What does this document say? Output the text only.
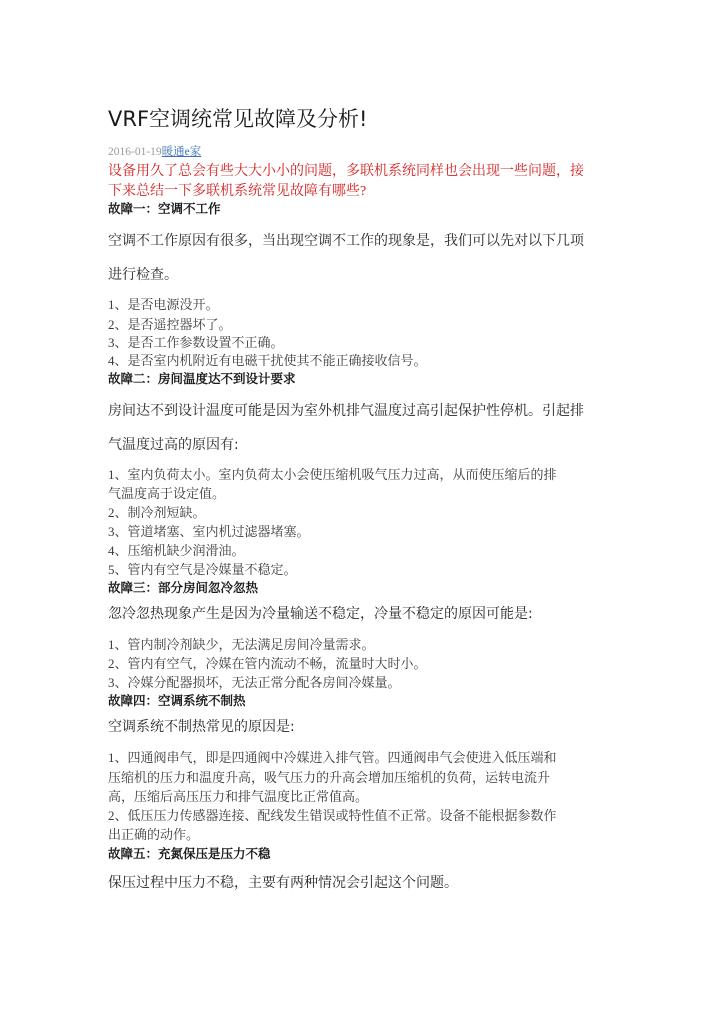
VRF空调统常见故障及分析!
2016-01-19暖通e家
设备用久了总会有些大大小小的问题，多联机系统同样也会出现一些问题，接
下来总结一下多联机系统常见故障有哪些?
故障一：空调不工作
空调不工作原因有很多，当出现空调不工作的现象是，我们可以先对以下几项
进行检查。
1、是否电源没开。
2、是否遥控器坏了。
3、是否工作参数设置不正确。
4、是否室内机附近有电磁干扰使其不能正确接收信号。
故障二：房间温度达不到设计要求
房间达不到设计温度可能是因为室外机排气温度过高引起保护性停机。引起排
气温度过高的原因有:
1、室内负荷太小。室内负荷太小会使压缩机吸气压力过高，从而使压缩后的排
气温度高于设定值。
2、制冷剂短缺。
3、管道堵塞、室内机过滤器堵塞。
4、压缩机缺少润滑油。
5、管内有空气是冷媒量不稳定。
故障三：部分房间忽冷忽热
忽冷忽热现象产生是因为冷量输送不稳定，冷量不稳定的原因可能是:
1、管内制冷剂缺少，无法满足房间冷量需求。
2、管内有空气，冷媒在管内流动不畅，流量时大时小。
3、冷媒分配器损坏，无法正常分配各房间冷媒量。
故障四：空调系统不制热
空调系统不制热常见的原因是:
1、四通阀串气，即是四通阀中冷媒进入排气管。四通阀串气会使进入低压端和
压缩机的压力和温度升高，吸气压力的升高会增加压缩机的负荷，运转电流升
高，压缩后高压压力和排气温度比正常值高。
2、低压压力传感器连接、配线发生错误或特性值不正常。设备不能根据参数作
出正确的动作。
故障五：充氮保压是压力不稳
保压过程中压力不稳，主要有两种情况会引起这个问题。
